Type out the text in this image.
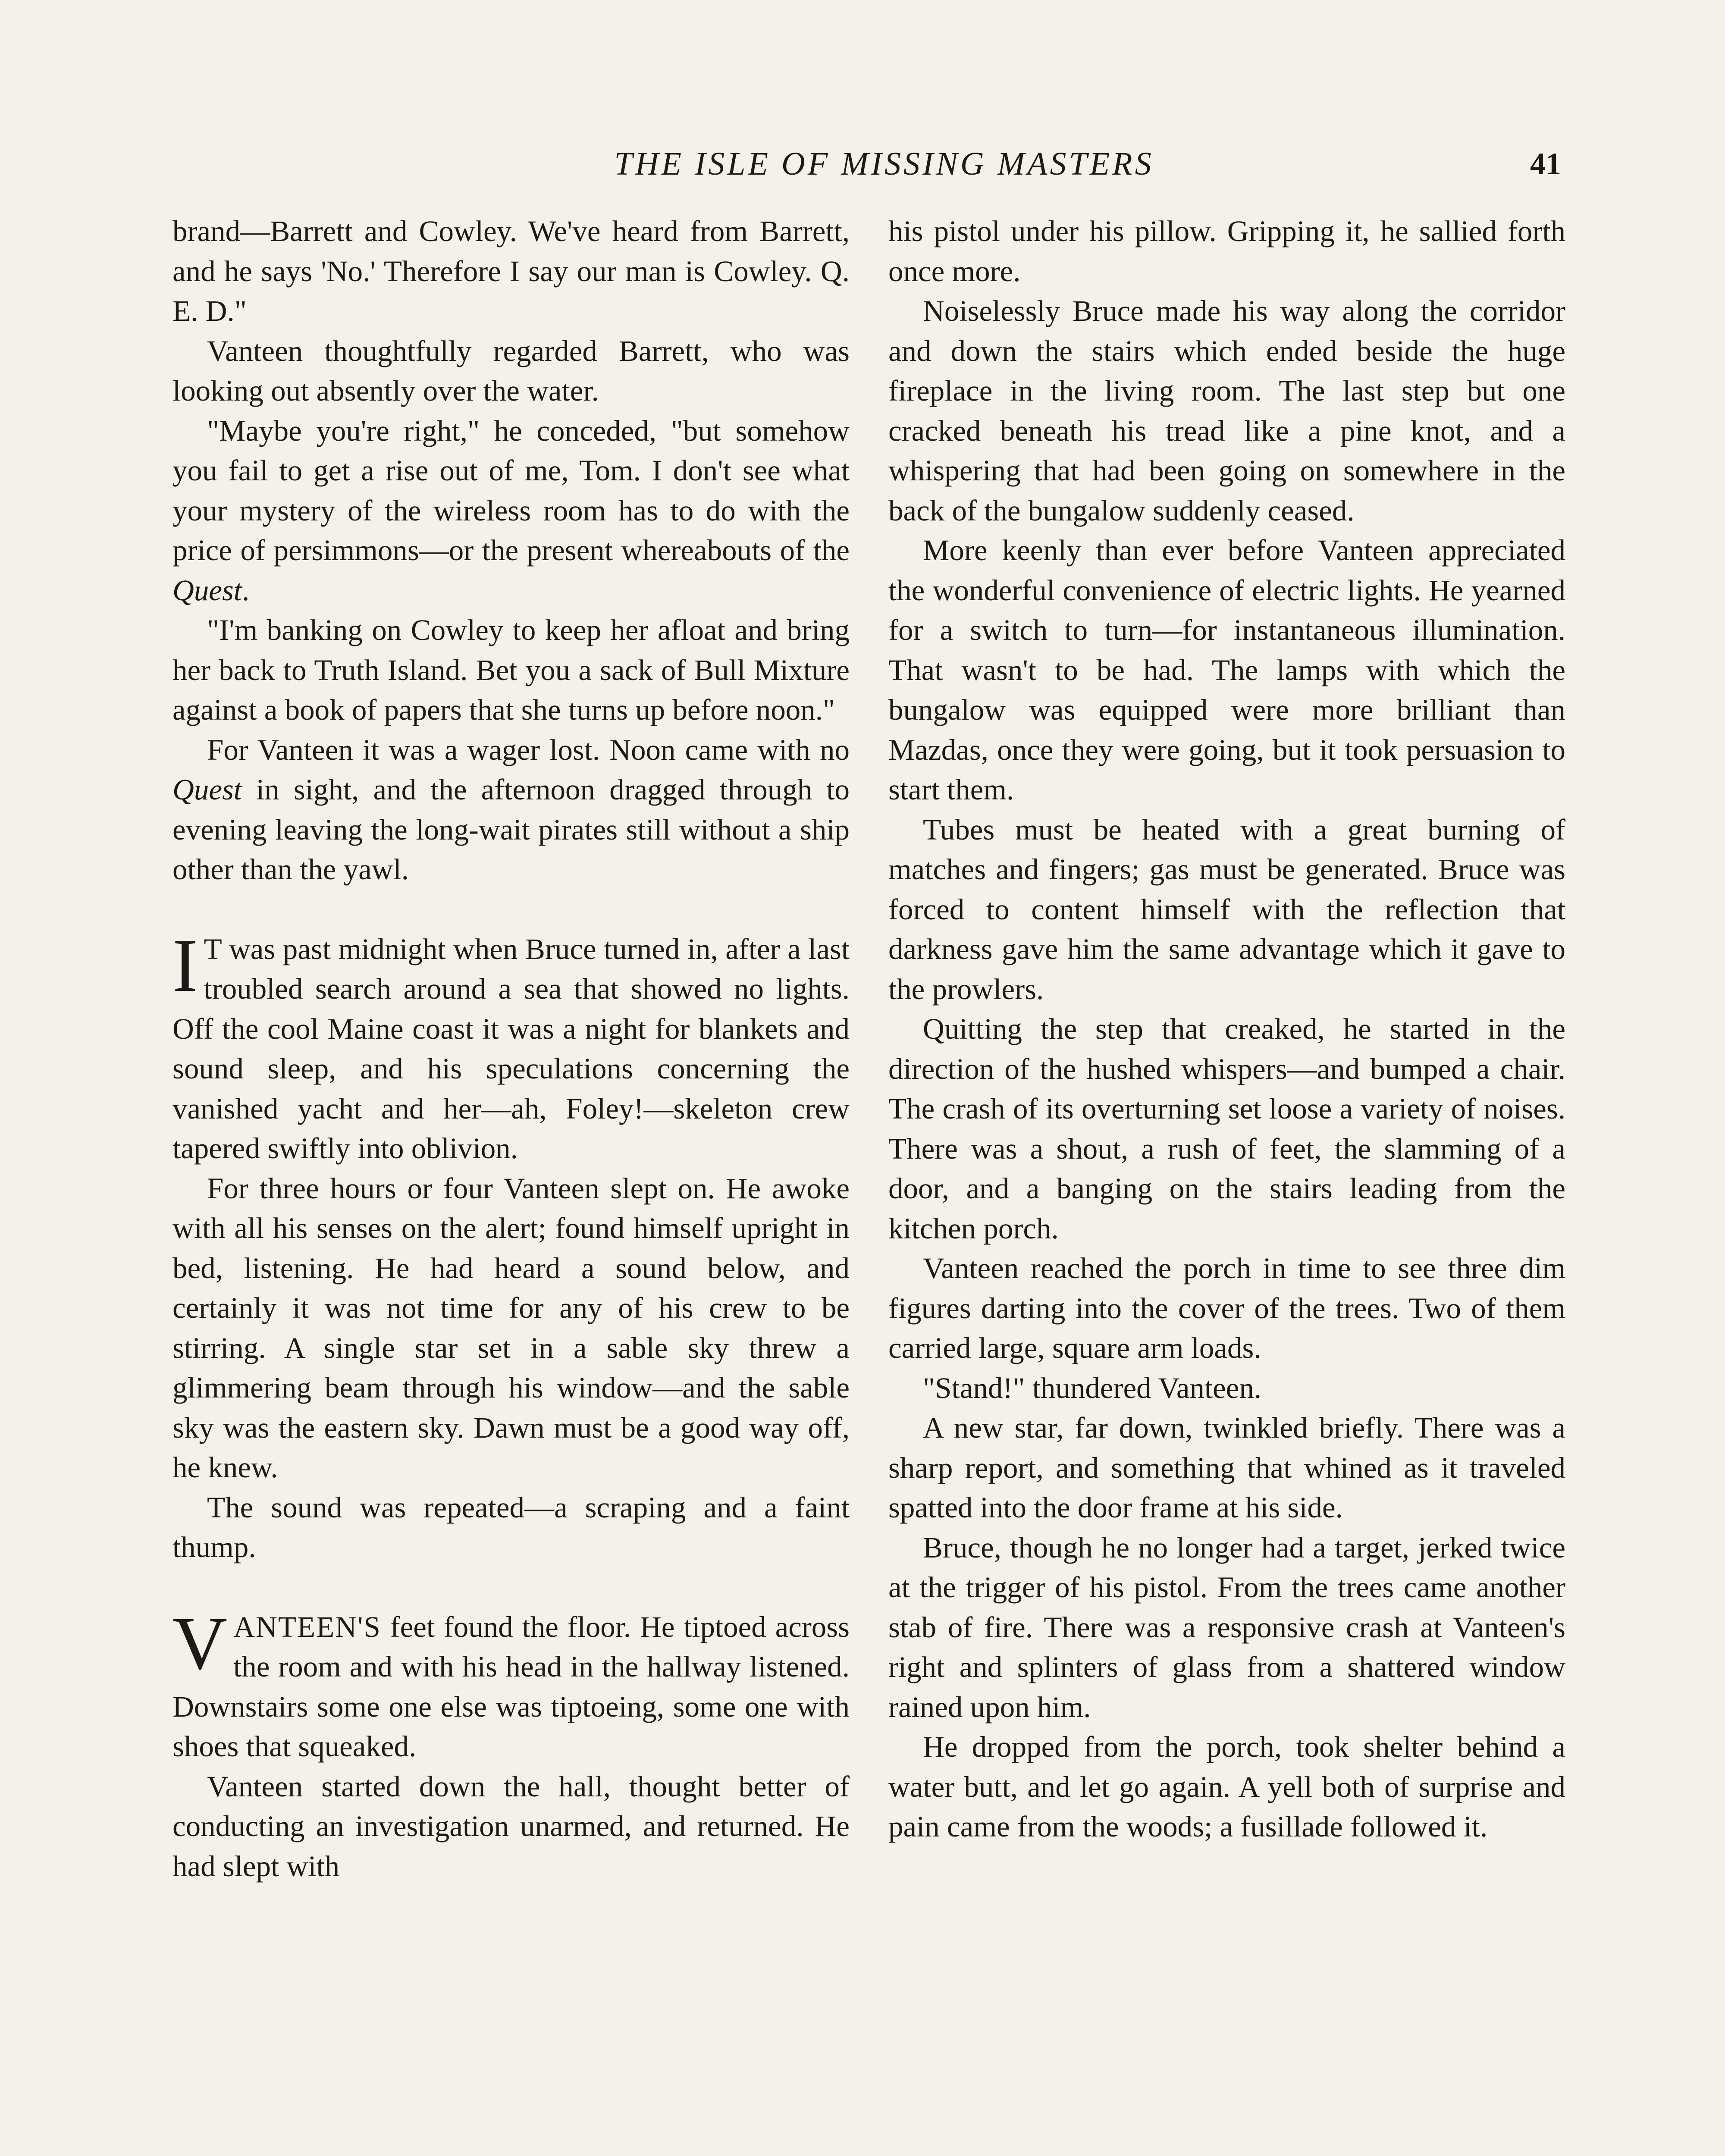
THE ISLE OF MISSING MASTERS	41

brand—Barrett and Cowley. We've heard from Barrett, and he says 'No.' Therefore I say our man is Cowley. Q. E. D."

Vanteen thoughtfully regarded Barrett, who was looking out absently over the water.

"Maybe you're right," he conceded, "but somehow you fail to get a rise out of me, Tom. I don't see what your mystery of the wireless room has to do with the price of persimmons—or the present whereabouts of the Quest.

"I'm banking on Cowley to keep her afloat and bring her back to Truth Island. Bet you a sack of Bull Mixture against a book of papers that she turns up before noon."

For Vanteen it was a wager lost. Noon came with no Quest in sight, and the afternoon dragged through to evening leaving the long-wait pirates still without a ship other than the yawl.

I T was past midnight when Bruce turned in, after a last troubled search around a sea that showed no lights. Off the cool Maine coast it was a night for blankets and sound sleep, and his speculations concerning the vanished yacht and her—ah, Foley!—skeleton crew tapered swiftly into oblivion.

For three hours or four Vanteen slept on. He awoke with all his senses on the alert; found himself upright in bed, listening. He had heard a sound below, and certainly it was not time for any of his crew to be stirring. A single star set in a sable sky threw a glimmering beam through his window—and the sable sky was the eastern sky. Dawn must be a good way off, he knew.

The sound was repeated—a scraping and a faint thump.

VANTEEN'S feet found the floor. He tiptoed across the room and with his head in the hallway listened. Downstairs some one else was tiptoeing, some one with shoes that squeaked.

Vanteen started down the hall, thought better of conducting an investigation unarmed, and returned. He had slept with

his pistol under his pillow. Gripping it, he sallied forth once more.

Noiselessly Bruce made his way along the corridor and down the stairs which ended beside the huge fireplace in the living room. The last step but one cracked beneath his tread like a pine knot, and a whispering that had been going on somewhere in the back of the bungalow suddenly ceased.

More keenly than ever before Vanteen appreciated the wonderful convenience of electric lights. He yearned for a switch to turn—for instantaneous illumination. That wasn't to be had. The lamps with which the bungalow was equipped were more brilliant than Mazdas, once they were going, but it took persuasion to start them.

Tubes must be heated with a great burning of matches and fingers; gas must be generated. Bruce was forced to content himself with the reflection that darkness gave him the same advantage which it gave to the prowlers.

Quitting the step that creaked, he started in the direction of the hushed whispers—and bumped a chair. The crash of its overturning set loose a variety of noises. There was a shout, a rush of feet, the slamming of a door, and a banging on the stairs leading from the kitchen porch.

Vanteen reached the porch in time to see three dim figures darting into the cover of the trees. Two of them carried large, square arm loads.

"Stand!" thundered Vanteen.

A new star, far down, twinkled briefly. There was a sharp report, and something that whined as it traveled spatted into the door frame at his side.

Bruce, though he no longer had a target, jerked twice at the trigger of his pistol. From the trees came another stab of fire. There was a responsive crash at Vanteen's right and splinters of glass from a shattered window rained upon him.

He dropped from the porch, took shelter behind a water butt, and let go again. A yell both of surprise and pain came from the woods; a fusillade followed it.
